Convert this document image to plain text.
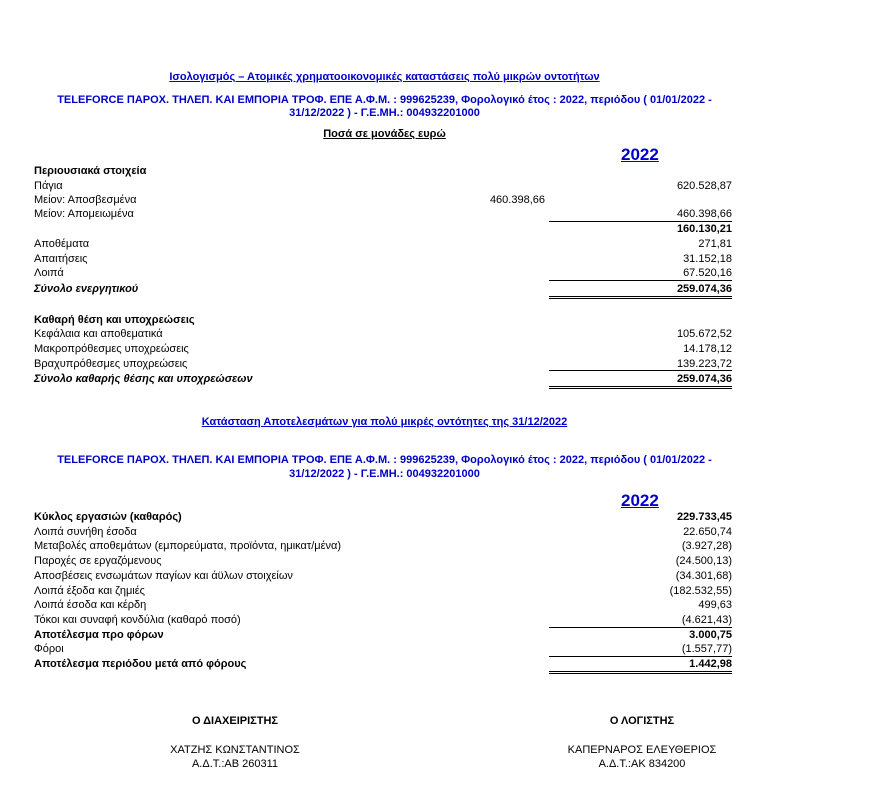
Ισολογισμός – Ατομικές χρηματοοικονομικές καταστάσεις πολύ μικρών οντοτήτων
TELEFORCE ΠΑΡΟΧ. ΤΗΛΕΠ. ΚΑΙ ΕΜΠΟΡΙΑ ΤΡΟΦ. ΕΠΕ Α.Φ.Μ. : 999625239, Φορολογικό έτος : 2022, περιόδου ( 01/01/2022 -
31/12/2022 ) - Γ.Ε.ΜΗ.: 004932201000
Ποσά σε μονάδες ευρώ
2022
Περιουσιακά στοιχεία
Πάγια	620.528,87
Μείον: Αποσβεσμένα	460.398,66
Μείον: Απομειωμένα	460.398,66
160.130,21
Αποθέματα	271,81
Απαιτήσεις	31.152,18
Λοιπά	67.520,16
Σύνολο ενεργητικού	259.074,36
Καθαρή θέση και υποχρεώσεις
Κεφάλαια και αποθεματικά	105.672,52
Μακροπρόθεσμες υποχρεώσεις	14.178,12
Βραχυπρόθεσμες υποχρεώσεις	139.223,72
Σύνολο καθαρής θέσης και υποχρεώσεων	259.074,36
Κατάσταση Αποτελεσμάτων για πολύ μικρές οντότητες της 31/12/2022
TELEFORCE ΠΑΡΟΧ. ΤΗΛΕΠ. ΚΑΙ ΕΜΠΟΡΙΑ ΤΡΟΦ. ΕΠΕ Α.Φ.Μ. : 999625239, Φορολογικό έτος : 2022, περιόδου ( 01/01/2022 -
31/12/2022 ) - Γ.Ε.ΜΗ.: 004932201000
2022
Κύκλος εργασιών (καθαρός)	229.733,45
Λοιπά συνήθη έσοδα	22.650,74
Μεταβολές αποθεμάτων (εμπορεύματα, προϊόντα, ημικατ/μένα)	(3.927,28)
Παροχές σε εργαζόμενους	(24.500,13)
Αποσβέσεις ενσωμάτων παγίων και άϋλων στοιχείων	(34.301,68)
Λοιπά έξοδα και ζημιές	(182.532,55)
Λοιπά έσοδα και κέρδη	499,63
Τόκοι και συναφή κονδύλια (καθαρό ποσό)	(4.621,43)
Αποτέλεσμα προ φόρων	3.000,75
Φόροι	(1.557,77)
Αποτέλεσμα περιόδου μετά από φόρους	1.442,98
Ο ΔΙΑΧΕΙΡΙΣΤΗΣ
ΧΑΤΖΗΣ ΚΩΝΣΤΑΝΤΙΝΟΣ
Α.Δ.Τ.:ΑΒ 260311
Ο ΛΟΓΙΣΤΗΣ
ΚΑΠΕΡΝΑΡΟΣ ΕΛΕΥΘΕΡΙΟΣ
Α.Δ.Τ.:ΑΚ 834200
